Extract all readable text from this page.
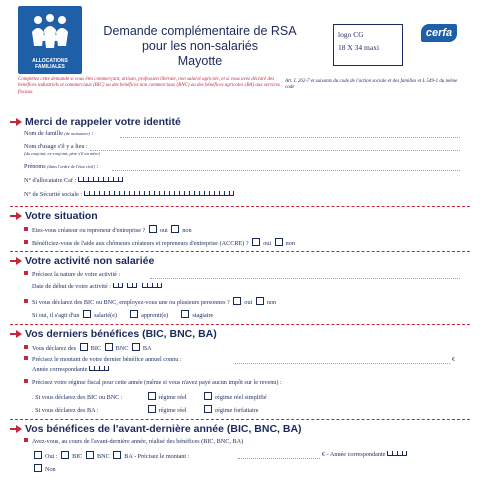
ALLOCATIONS FAMILIALES
Demande complémentaire de RSA
pour les non-salariés
Mayotte
logo CG
18 X 34 maxi
cerfa
Complétez cette demande si vous êtes commerçant, artisan, profession libérale, non salarié agricole, et si vous avez déclaré des bénéfices industriels et commerciaux (BIC) ou des bénéfices non commerciaux (BNC) ou des bénéfices agricoles (BA) aux services fiscaux.
Art. L 262-7 et suivants du code de l'action sociale et des familles et L 549-1 du même code
Merci de rappeler votre identité
Nom de famille (de naissance) :
Nom d'usage s'il y a lieu :
(du conjoint, ex-conjoint, père s'il un mère)
Prénoms (dans l'ordre de l'état civil) :
N° d'allocataire Caf :
N° de Sécurité sociale :
Votre situation
Etes-vous créateur ou repreneur d'entreprise ? oui non
Bénéficiez-vous de l'aide aux chômeurs créateurs et repreneurs d'entreprise (ACCRE) ? oui non
Votre activité non salariée
Précisez la nature de votre activité :
Date de début de votre activité :
Si vous déclarez des BIC ou BNC, employez-vous une ou plusieurs personnes ? oui non
Si oui, il s'agit d'un salarié(e)	apprenti(e)	stagiaire
Vos derniers bénéfices (BIC, BNC, BA)
Vous déclarez des BIC BNC BA
Précisez le montant de votre dernier bénéfice annuel connu :	€
Année correspondante
Précisez votre régime fiscal pour cette année (même si vous n'avez payé aucun impôt sur le revenu) :
. Si vous déclarez des BIC ou BNC :	régime réel	régime réel simplifié
. Si vous déclarez des BA :	régime réel	régime forfaitaire
Vos bénéfices de l'avant-dernière année (BIC, BNC, BA)
Avez-vous, au cours de l'avant-dernière année, réalisé des bénéfices (BIC, BNC, BA)
Oui : BIC BNC BA - Précisez le montant :	€ - Année correspondante
Non
